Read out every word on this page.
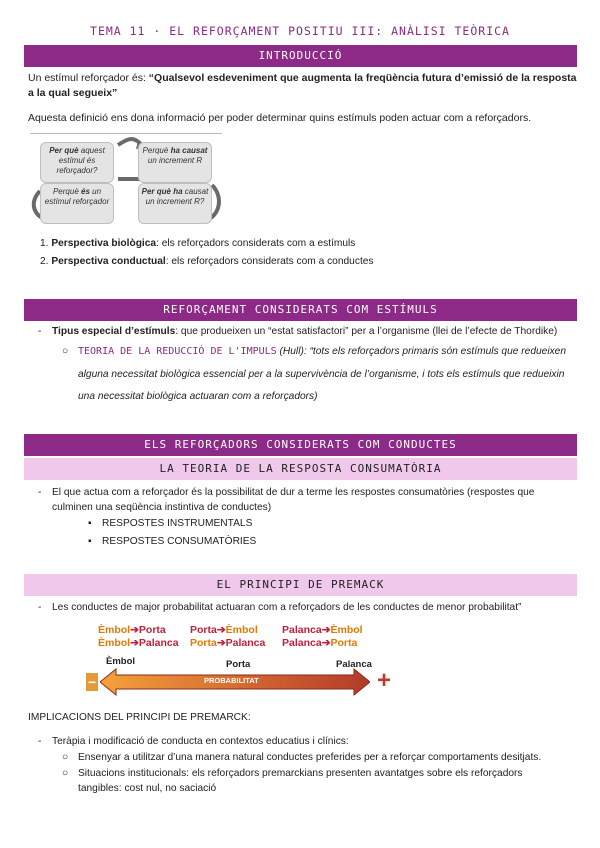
TEMA 11 · EL REFORÇAMENT POSITIU III: ANÀLISI TEÒRICA
INTRODUCCIÓ
Un estímul reforçador és: “Qualsevol esdeveniment que augmenta la freqüència futura d’emissió de la resposta a la qual segueix”
Aquesta definició ens dona informació per poder determinar quins estímuls poden actuar com a reforçadors.
Per què aquest estímul és reforçador?
Perquè ha causat un increment R
Perquè és un estímul reforçador
Per què ha causat un increment R?
1. Perspectiva biològica: els reforçadors considerats com a estímuls
2. Perspectiva conductual: els reforçadors considerats com a conductes
REFORÇAMENT CONSIDERATS COM ESTÍMULS
- Tipus especial d’estímuls: que produeixen un “estat satisfactori” per a l’organisme (llei de l’efecte de Thordike)
○ TEORIA DE LA REDUCCIÓ DE L'IMPULS (Hull): “tots els reforçadors primaris són estímuls que redueixen
alguna necessitat biològica essencial per a la supervivència de l’organisme, i tots els estímuls que redueixin
una necessitat biològica actuaran com a reforçadors)
ELS REFORÇADORS CONSIDERATS COM CONDUCTES
LA TEORIA DE LA RESPOSTA CONSUMATÒRIA
- El que actua com a reforçador és la possibilitat de dur a terme les respostes consumatòries (respostes que
culminen una seqüència instintiva de conductes)
▪ RESPOSTES INSTRUMENTALS
▪ RESPOSTES CONSUMATÒRIES
EL PRINCIPI DE PREMACK
- Les conductes de major probabilitat actuaran com a reforçadors de les conductes de menor probabilitat”
Èmbol➔Porta Porta➔Èmbol Palanca➔Èmbol
Èmbol➔Palanca Porta➔Palanca Palanca➔Porta
Èmbol	Porta	Palanca
−	PROBABILITAT	+
IMPLICACIONS DEL PRINCIPI DE PREMARCK:
- Teràpia i modificació de conducta en contextos educatius i clínics:
○ Ensenyar a utilitzar d’una manera natural conductes preferides per a reforçar comportaments desitjats.
○ Situacions institucionals: els reforçadors premarckians presenten avantatges sobre els reforçadors
tangibles: cost nul, no saciació
